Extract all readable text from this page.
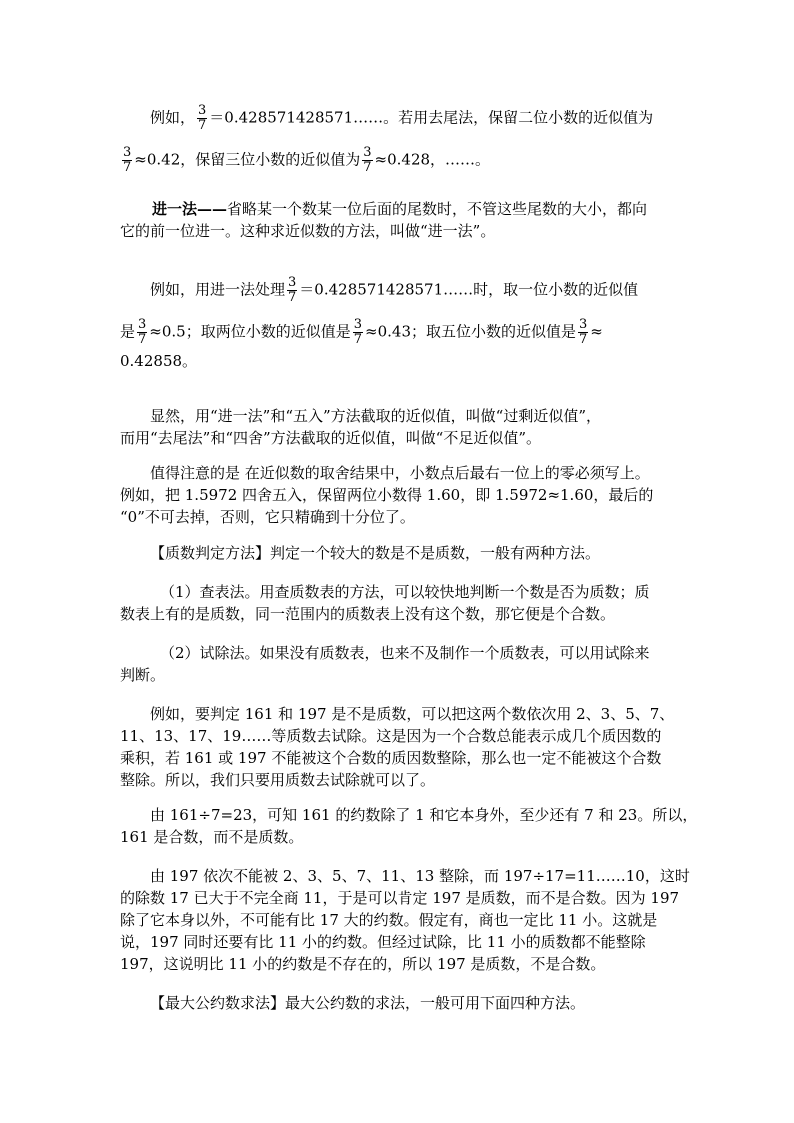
例如， $\frac{3}{7}$ ＝0.428571428571……。若用去尾法，保留二位小数的近似值为
$\frac{3}{7} \approx 0.42$，保留三位小数的近似值为 $\frac{3}{7} \approx 0.428$，……。
进一法——省略某一个数某一位后面的尾数时，不管这些尾数的大小，都向
它的前一位进一。这种求近似数的方法，叫做“进一法”。
例如，用进一法处理 $\frac{3}{7}$ ＝0.428571428571……时，取一位小数的近似值
是 $\frac{3}{7} \approx 0.5$；取两位小数的近似值是 $\frac{3}{7} \approx 0.43$；取五位小数的近似值是 $\frac{3}{7}$ ≈
0.42858。
显然，用“进一法”和“五入”方法截取的近似值，叫做“过剩近似值”，
而用“去尾法”和“四舍”方法截取的近似值，叫做“不足近似值”。
值得注意的是 在近似数的取舍结果中，小数点后最右一位上的零必须写上。
例如，把 1.5972 四舍五入，保留两位小数得 1.60，即 1.5972≈1.60，最后的
“0”不可去掉，否则，它只精确到十分位了。
【质数判定方法】判定一个较大的数是不是质数，一般有两种方法。
（1）查表法。用查质数表的方法，可以较快地判断一个数是否为质数；质
数表上有的是质数，同一范围内的质数表上没有这个数，那它便是个合数。
（2）试除法。如果没有质数表，也来不及制作一个质数表，可以用试除来
判断。
例如，要判定 161 和 197 是不是质数，可以把这两个数依次用 2、3、5、7、
11、13、17、19……等质数去试除。这是因为一个合数总能表示成几个质因数的
乘积，若 161 或 197 不能被这个合数的质因数整除，那么也一定不能被这个合数
整除。所以，我们只要用质数去试除就可以了。
由 161÷7=23，可知 161 的约数除了 1 和它本身外，至少还有 7 和 23。所以，
161 是合数，而不是质数。
由 197 依次不能被 2、3、5、7、11、13 整除，而 197÷17=11……10，这时
的除数 17 已大于不完全商 11，于是可以肯定 197 是质数，而不是合数。因为 197
除了它本身以外，不可能有比 17 大的约数。假定有，商也一定比 11 小。这就是
说，197 同时还要有比 11 小的约数。但经过试除，比 11 小的质数都不能整除
197，这说明比 11 小的约数是不存在的，所以 197 是质数，不是合数。
【最大公约数求法】最大公约数的求法，一般可用下面四种方法。
